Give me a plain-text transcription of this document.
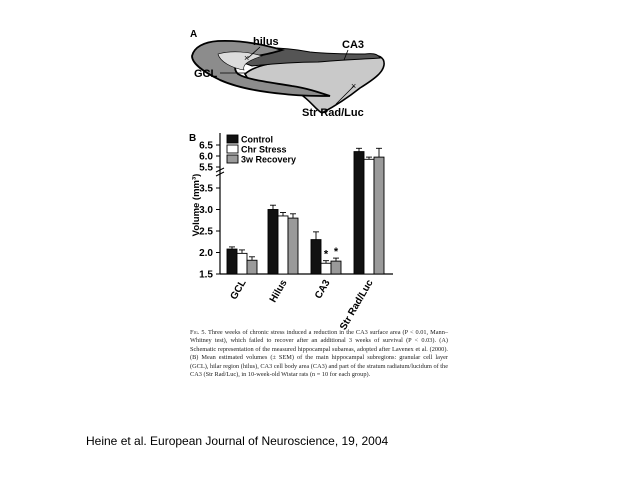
A
×
×
hilus	CA3
GCL
Str Rad/Luc
B
Volume (mm³)
1.5
2.0
2.5
3.0
3.5
5.5
6.0
6.5
* *
GCL Hilus CA3 Str Rad/Luc
Control
Chr Stress
3w Recovery
Fig. 5. Three weeks of chronic stress induced a reduction in the CA3 surface area (P < 0.01, Mann–Whitney test), which failed to recover after an additional 3 weeks of survival (P < 0.03). (A) Schematic representation of the measured hippocampal subareas, adopted after Lavenex et al. (2000). (B) Mean estimated volumes (± SEM) of the main hippocampal subregions: granular cell layer (GCL), hilar region (hilus), CA3 cell body area (CA3) and part of the stratum radiatum/lucidum of the CA3 (Str Rad/Luc), in 10-week-old Wistar rats (n = 10 for each group).
Heine et al. European Journal of Neuroscience, 19, 2004
